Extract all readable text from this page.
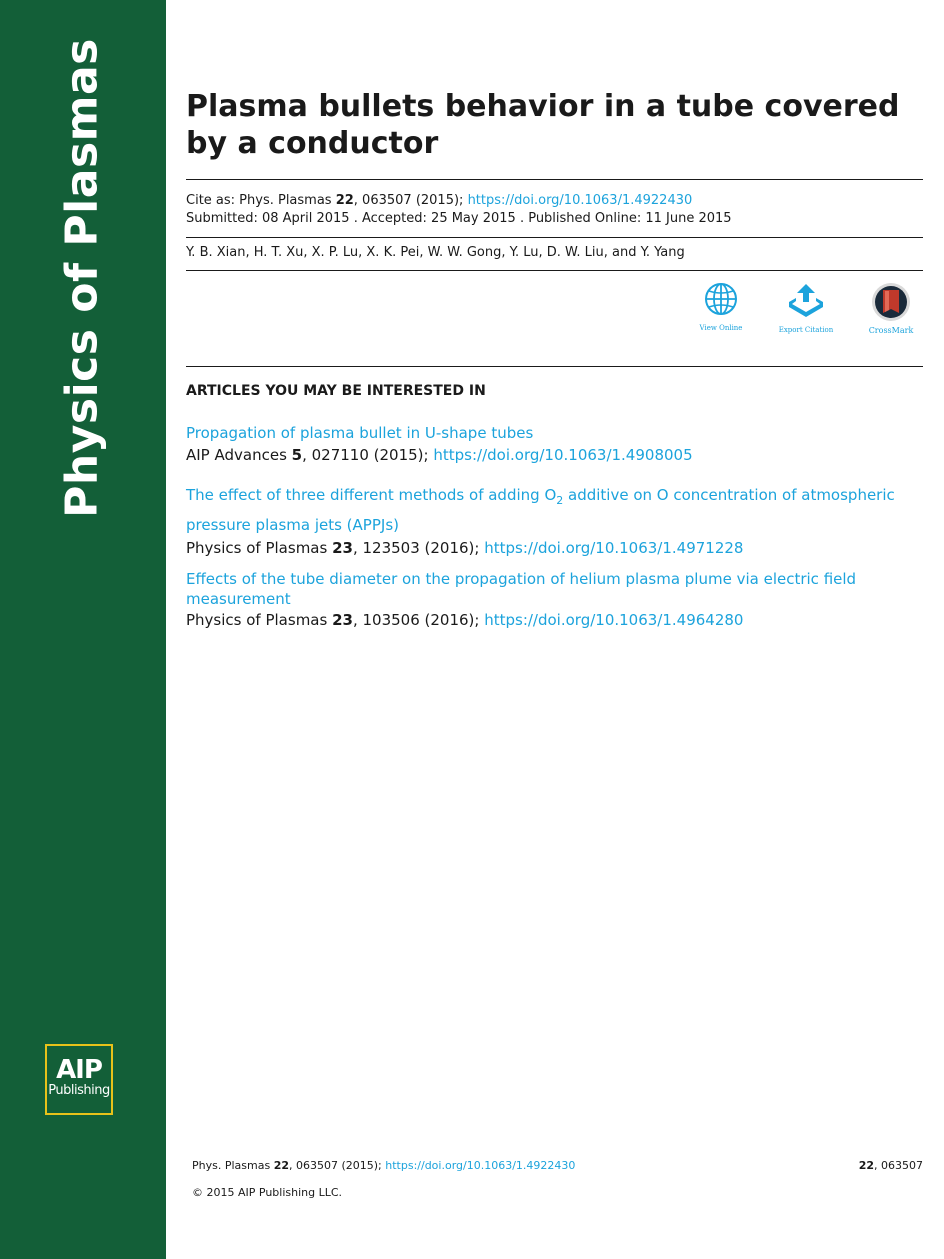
Physics of Plasmas
AIP
Publishing
Plasma bullets behavior in a tube covered by a conductor
Cite as: Phys. Plasmas 22, 063507 (2015); https://doi.org/10.1063/1.4922430
Submitted: 08 April 2015 . Accepted: 25 May 2015 . Published Online: 11 June 2015
Y. B. Xian, H. T. Xu, X. P. Lu, X. K. Pei, W. W. Gong, Y. Lu, D. W. Liu, and Y. Yang
View Online	Export Citation	CrossMark
ARTICLES YOU MAY BE INTERESTED IN
Propagation of plasma bullet in U-shape tubes
AIP Advances 5, 027110 (2015); https://doi.org/10.1063/1.4908005
The effect of three different methods of adding $O_2$ additive on O concentration of atmospheric pressure plasma jets (APPJs)
Physics of Plasmas 23, 123503 (2016); https://doi.org/10.1063/1.4971228
Effects of the tube diameter on the propagation of helium plasma plume via electric field measurement
Physics of Plasmas 23, 103506 (2016); https://doi.org/10.1063/1.4964280
Phys. Plasmas 22, 063507 (2015); https://doi.org/10.1063/1.4922430	22, 063507
© 2015 AIP Publishing LLC.
